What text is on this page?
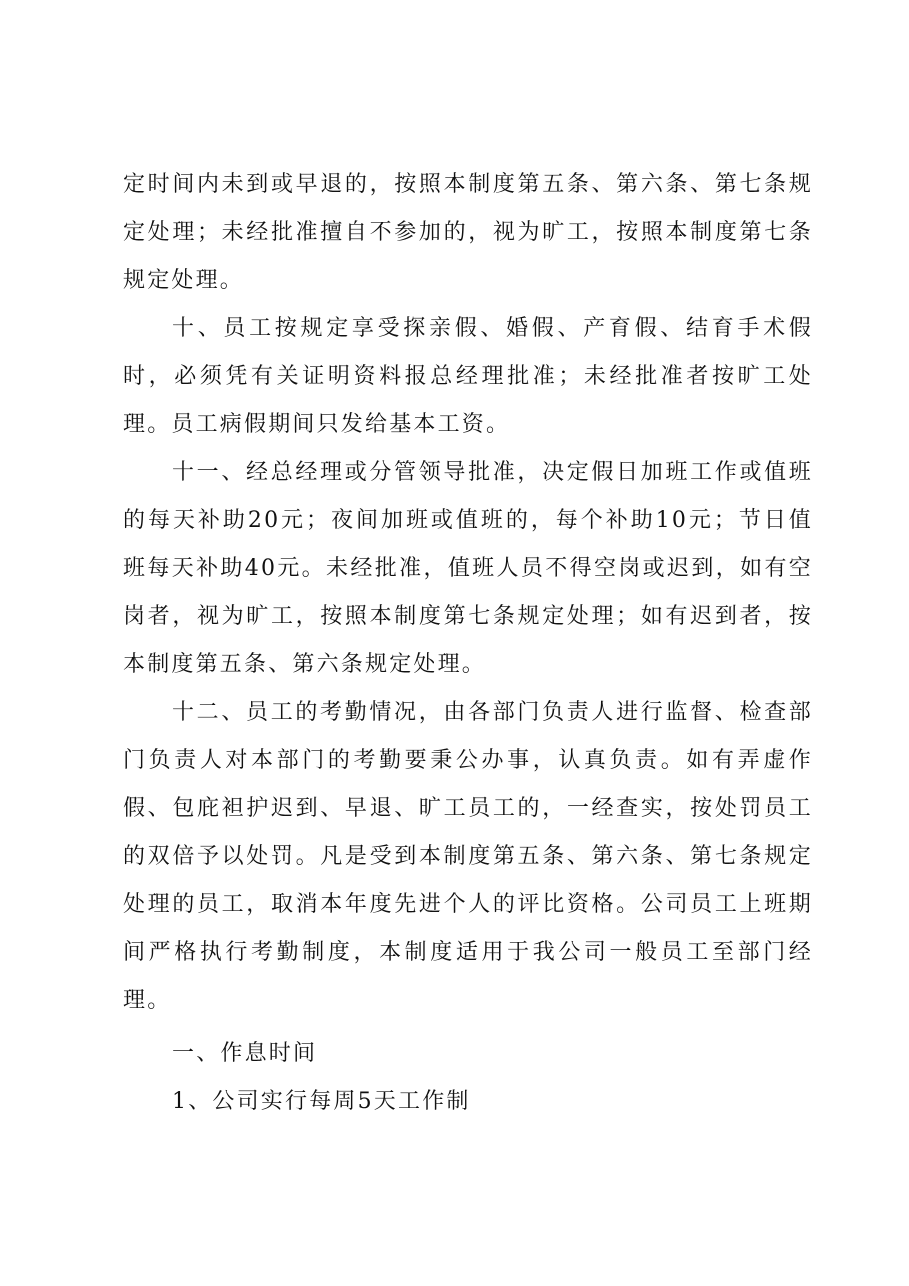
定时间内未到或早退的，按照本制度第五条、第六条、第七条规定处理；未经批准擅自不参加的，视为旷工，按照本制度第七条规定处理。

十、员工按规定享受探亲假、婚假、产育假、结育手术假时，必须凭有关证明资料报总经理批准；未经批准者按旷工处理。员工病假期间只发给基本工资。

十一、经总经理或分管领导批准，决定假日加班工作或值班的每天补助20元；夜间加班或值班的，每个补助10元；节日值班每天补助40元。未经批准，值班人员不得空岗或迟到，如有空岗者，视为旷工，按照本制度第七条规定处理；如有迟到者，按本制度第五条、第六条规定处理。

十二、员工的考勤情况，由各部门负责人进行监督、检查部门负责人对本部门的考勤要秉公办事，认真负责。如有弄虚作假、包庇袒护迟到、早退、旷工员工的，一经查实，按处罚员工的双倍予以处罚。凡是受到本制度第五条、第六条、第七条规定处理的员工，取消本年度先进个人的评比资格。公司员工上班期间严格执行考勤制度，本制度适用于我公司一般员工至部门经理。

一、作息时间

1、公司实行每周5天工作制
